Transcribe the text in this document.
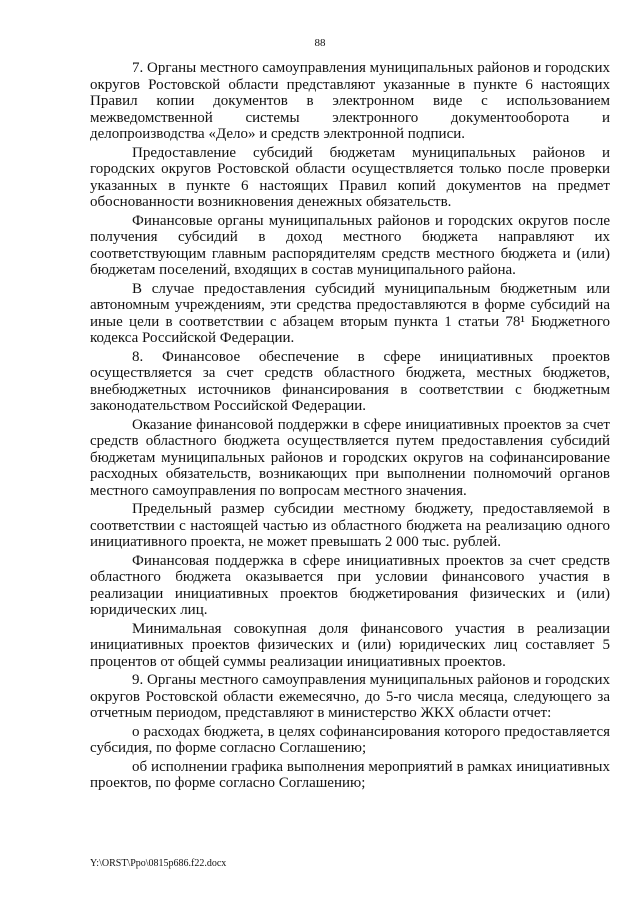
88

7. Органы местного самоуправления муниципальных районов и городских округов Ростовской области представляют указанные в пункте 6 настоящих Правил копии документов в электронном виде с использованием межведомственной системы электронного документооборота и делопроизводства «Дело» и средств электронной подписи.

Предоставление субсидий бюджетам муниципальных районов и городских округов Ростовской области осуществляется только после проверки указанных в пункте 6 настоящих Правил копий документов на предмет обоснованности возникновения денежных обязательств.

Финансовые органы муниципальных районов и городских округов после получения субсидий в доход местного бюджета направляют их соответствующим главным распорядителям средств местного бюджета и (или) бюджетам поселений, входящих в состав муниципального района.

В случае предоставления субсидий муниципальным бюджетным или автономным учреждениям, эти средства предоставляются в форме субсидий на иные цели в соответствии с абзацем вторым пункта 1 статьи 78¹ Бюджетного кодекса Российской Федерации.

8. Финансовое обеспечение в сфере инициативных проектов осуществляется за счет средств областного бюджета, местных бюджетов, внебюджетных источников финансирования в соответствии с бюджетным законодательством Российской Федерации.

Оказание финансовой поддержки в сфере инициативных проектов за счет средств областного бюджета осуществляется путем предоставления субсидий бюджетам муниципальных районов и городских округов на софинансирование расходных обязательств, возникающих при выполнении полномочий органов местного самоуправления по вопросам местного значения.

Предельный размер субсидии местному бюджету, предоставляемой в соответствии с настоящей частью из областного бюджета на реализацию одного инициативного проекта, не может превышать 2 000 тыс. рублей.

Финансовая поддержка в сфере инициативных проектов за счет средств областного бюджета оказывается при условии финансового участия в реализации инициативных проектов бюджетирования физических и (или) юридических лиц.

Минимальная совокупная доля финансового участия в реализации инициативных проектов физических и (или) юридических лиц составляет 5 процентов от общей суммы реализации инициативных проектов.

9. Органы местного самоуправления муниципальных районов и городских округов Ростовской области ежемесячно, до 5-го числа месяца, следующего за отчетным периодом, представляют в министерство ЖКХ области отчет:

о расходах бюджета, в целях софинансирования которого предоставляется субсидия, по форме согласно Соглашению;

об исполнении графика выполнения мероприятий в рамках инициативных проектов, по форме согласно Соглашению;

Y:\ORST\Ppo\0815p686.f22.docx
